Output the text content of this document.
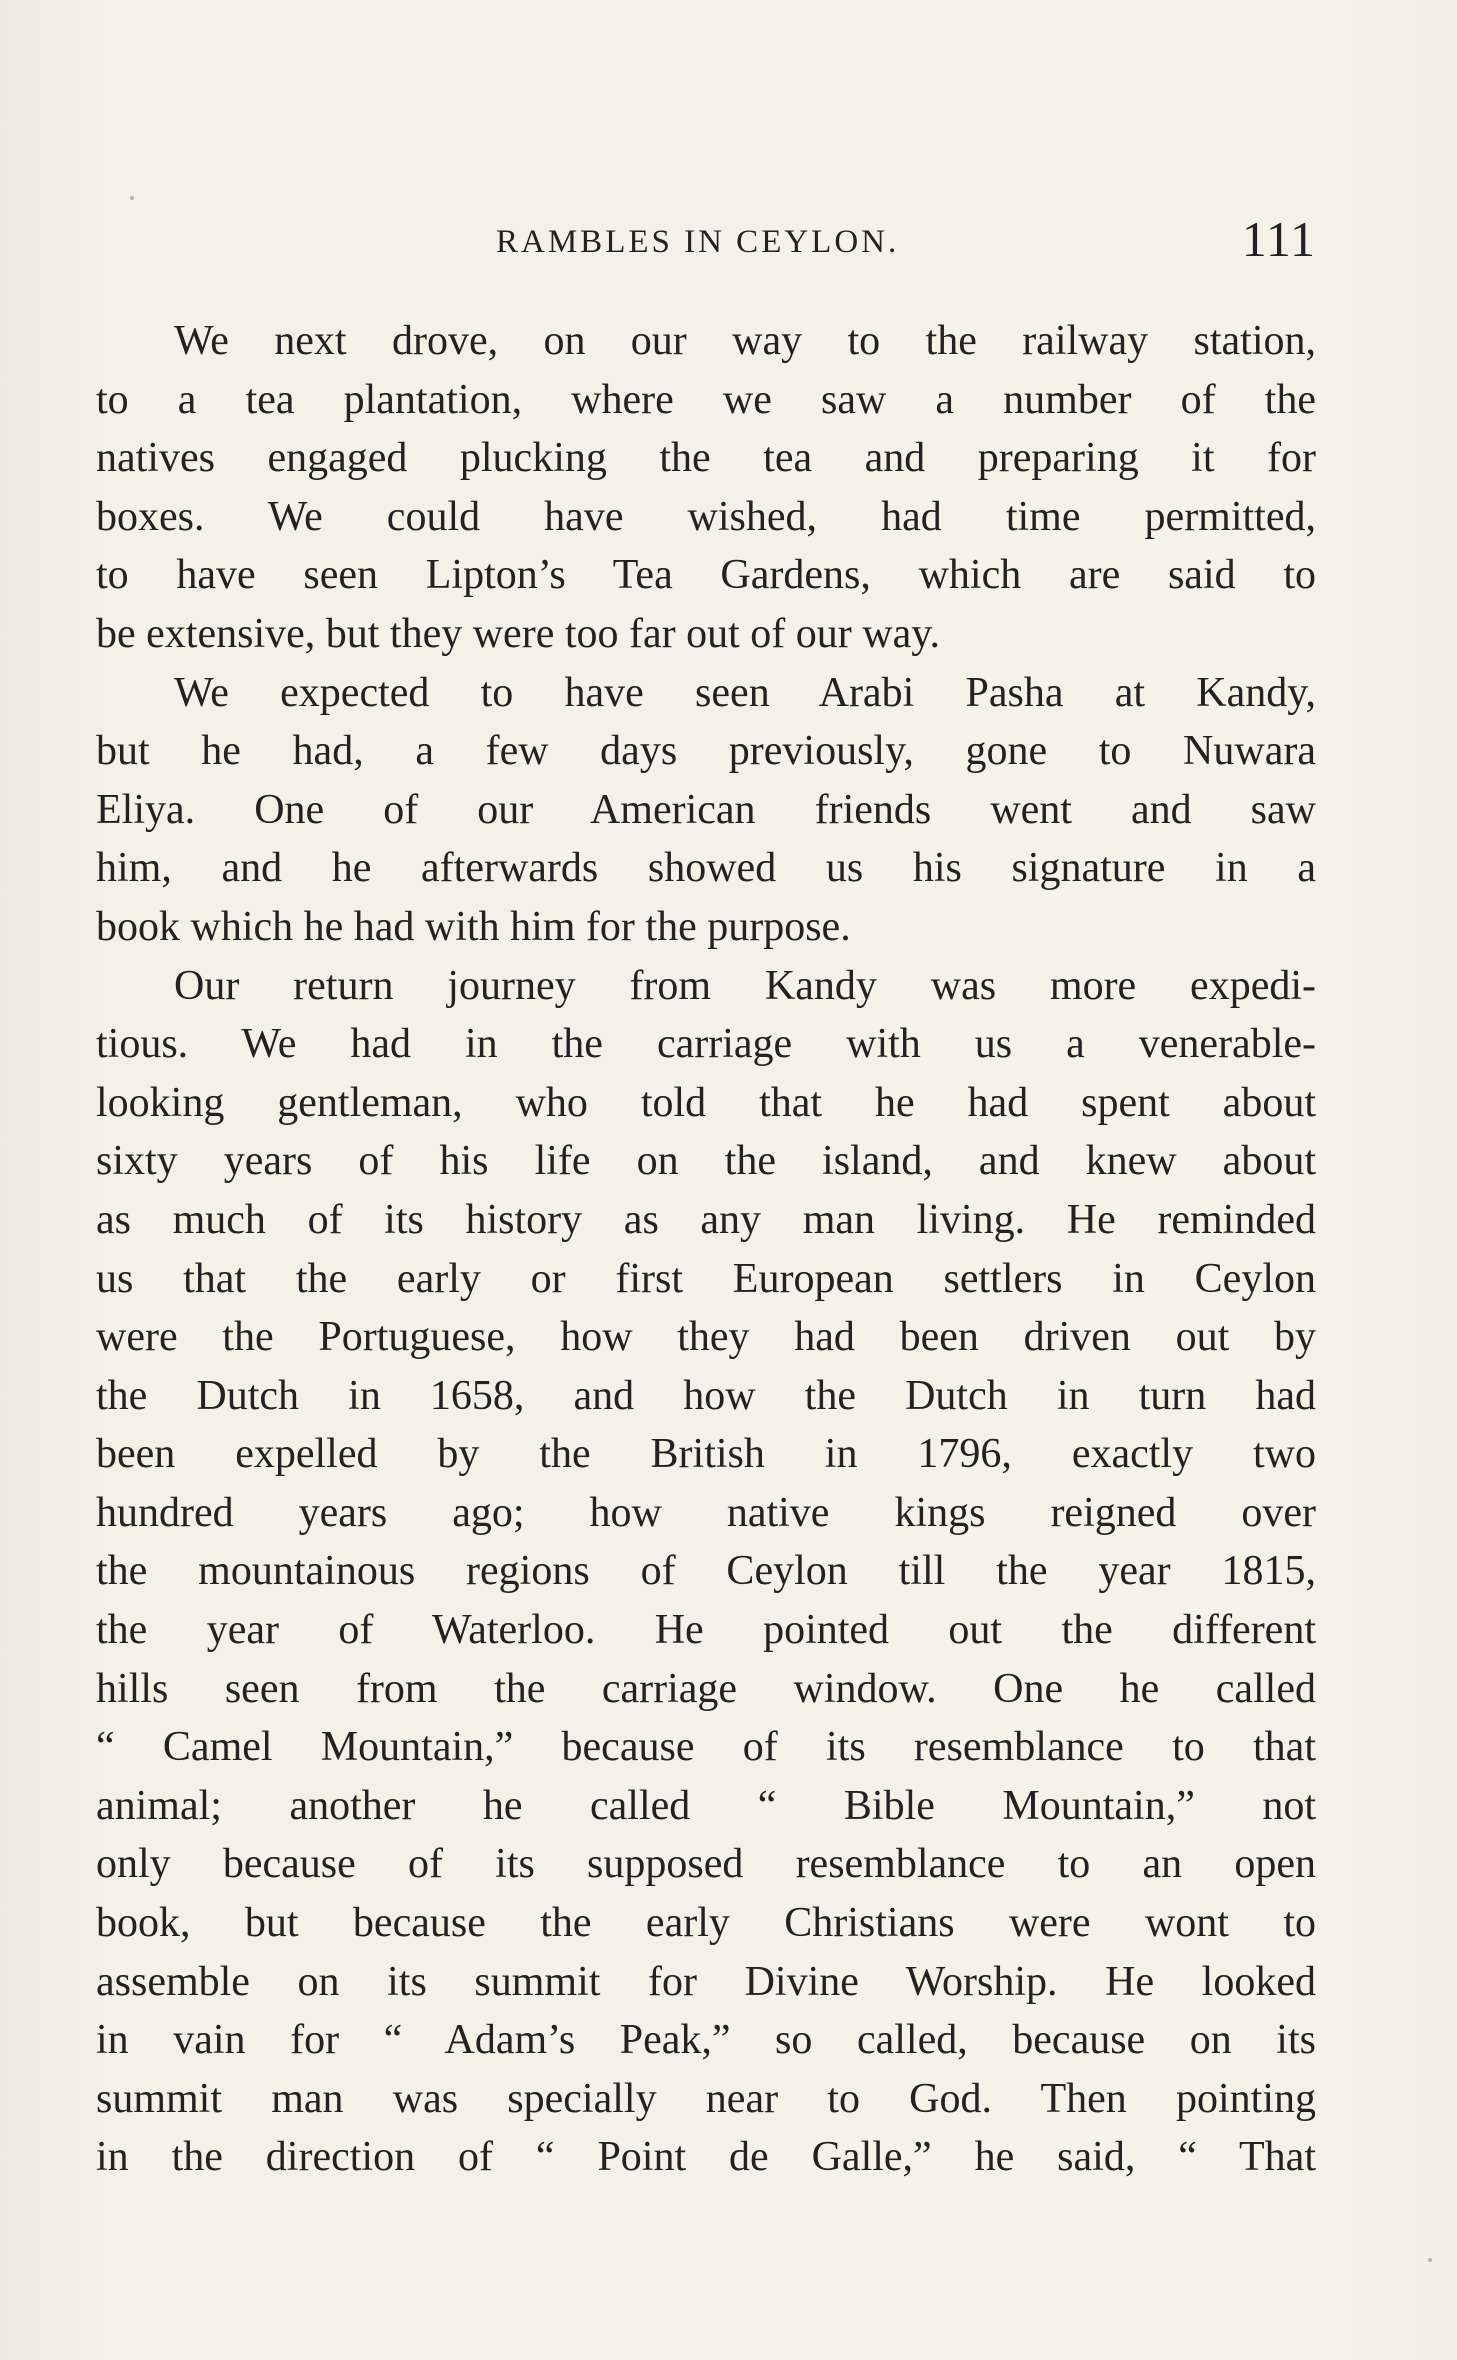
RAMBLES IN CEYLON.	111
We next drove, on our way to the railway station,
to a tea plantation, where we saw a number of the
natives engaged plucking the tea and preparing it for
boxes. We could have wished, had time permitted,
to have seen Lipton’s Tea Gardens, which are said to
be extensive, but they were too far out of our way.
We expected to have seen Arabi Pasha at Kandy,
but he had, a few days previously, gone to Nuwara
Eliya. One of our American friends went and saw
him, and he afterwards showed us his signature in a
book which he had with him for the purpose.
Our return journey from Kandy was more expedi-
tious. We had in the carriage with us a venerable-
looking gentleman, who told that he had spent about
sixty years of his life on the island, and knew about
as much of its history as any man living. He reminded
us that the early or first European settlers in Ceylon
were the Portuguese, how they had been driven out by
the Dutch in 1658, and how the Dutch in turn had
been expelled by the British in 1796, exactly two
hundred years ago; how native kings reigned over
the mountainous regions of Ceylon till the year 1815,
the year of Waterloo. He pointed out the different
hills seen from the carriage window. One he called
“ Camel Mountain,” because of its resemblance to that
animal; another he called “ Bible Mountain,” not
only because of its supposed resemblance to an open
book, but because the early Christians were wont to
assemble on its summit for Divine Worship. He looked
in vain for “ Adam’s Peak,” so called, because on its
summit man was specially near to God. Then pointing
in the direction of “ Point de Galle,” he said, “ That
